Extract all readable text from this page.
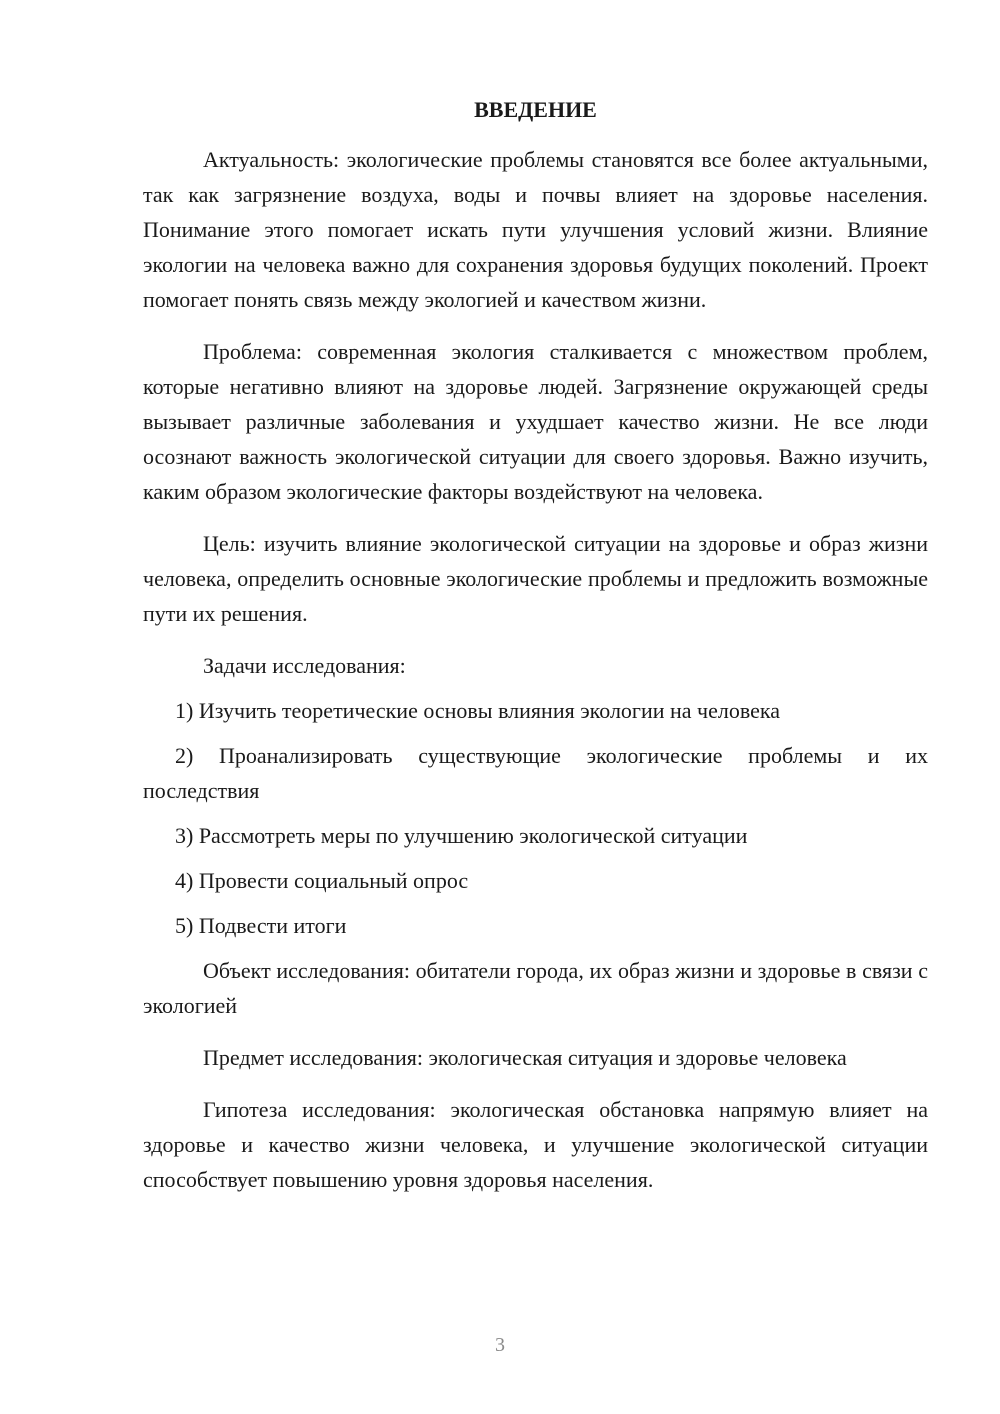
ВВЕДЕНИЕ

Актуальность: экологические проблемы становятся все более актуальными, так как загрязнение воздуха, воды и почвы влияет на здоровье населения. Понимание этого помогает искать пути улучшения условий жизни. Влияние экологии на человека важно для сохранения здоровья будущих поколений. Проект помогает понять связь между экологией и качеством жизни.

Проблема: современная экология сталкивается с множеством проблем, которые негативно влияют на здоровье людей. Загрязнение окружающей среды вызывает различные заболевания и ухудшает качество жизни. Не все люди осознают важность экологической ситуации для своего здоровья. Важно изучить, каким образом экологические факторы воздействуют на человека.

Цель: изучить влияние экологической ситуации на здоровье и образ жизни человека, определить основные экологические проблемы и предложить возможные пути их решения.

Задачи исследования:

1) Изучить теоретические основы влияния экологии на человека

2) Проанализировать существующие экологические проблемы и их последствия

3) Рассмотреть меры по улучшению экологической ситуации

4) Провести социальный опрос

5) Подвести итоги

Объект исследования: обитатели города, их образ жизни и здоровье в связи с экологией

Предмет исследования: экологическая ситуация и здоровье человека

Гипотеза исследования: экологическая обстановка напрямую влияет на здоровье и качество жизни человека, и улучшение экологической ситуации способствует повышению уровня здоровья населения.

3
